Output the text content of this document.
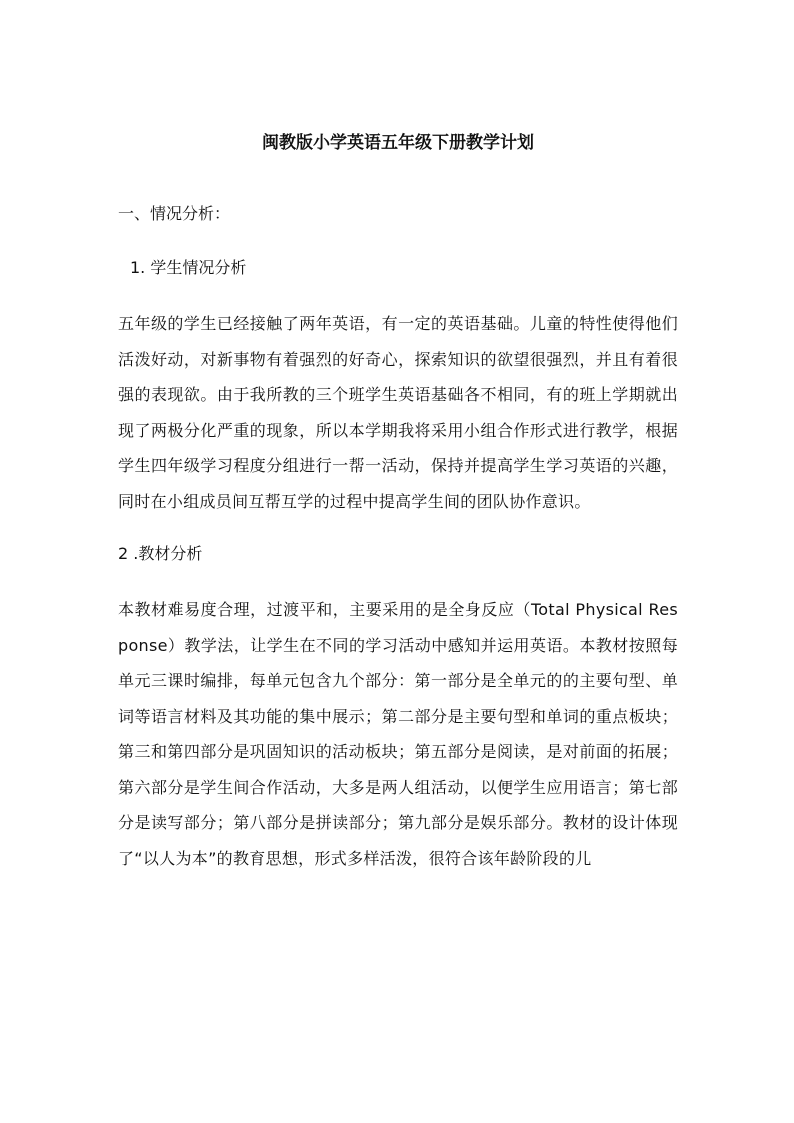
闽教版小学英语五年级下册教学计划
一、情况分析：
1. 学生情况分析
五年级的学生已经接触了两年英语，有一定的英语基础。儿童的特性使得他们活泼好动，对新事物有着强烈的好奇心，探索知识的欲望很强烈，并且有着很强的表现欲。由于我所教的三个班学生英语基础各不相同，有的班上学期就出现了两极分化严重的现象，所以本学期我将采用小组合作形式进行教学，根据学生四年级学习程度分组进行一帮一活动，保持并提高学生学习英语的兴趣，同时在小组成员间互帮互学的过程中提高学生间的团队协作意识。
2 .教材分析
本教材难易度合理，过渡平和，主要采用的是全身反应（Total Physical Response）教学法，让学生在不同的学习活动中感知并运用英语。本教材按照每单元三课时编排，每单元包含九个部分：第一部分是全单元的的主要句型、单词等语言材料及其功能的集中展示；第二部分是主要句型和单词的重点板块；第三和第四部分是巩固知识的活动板块；第五部分是阅读，是对前面的拓展；第六部分是学生间合作活动，大多是两人组活动，以便学生应用语言；第七部分是读写部分；第八部分是拼读部分；第九部分是娱乐部分。教材的设计体现了“以人为本”的教育思想，形式多样活泼，很符合该年龄阶段的儿
